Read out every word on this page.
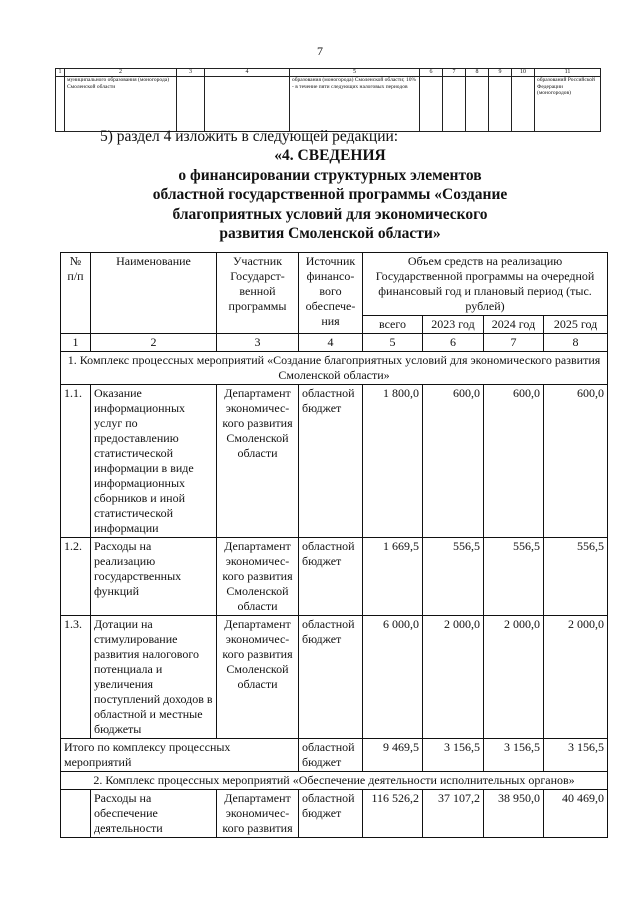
7
1	2	3	4	5	6	7	8	9	10	11
	муниципального образования (моногорода) Смоленской области			образования (моногорода) Смоленской области; 10% - в течение пяти следующих налоговых периодов						образований Российской Федерации (моногородов)
5) раздел 4 изложить в следующей редакции:
«4. СВЕДЕНИЯ
о финансировании структурных элементов
областной государственной программы «Создание
благоприятных условий для экономического
развития Смоленской области»
№ п/п	Наименование	Участник Государст-венной программы	Источник финансо-вого обеспече-ния	Объем средств на реализацию Государственной программы на очередной финансовый год и плановый период (тыс. рублей)			
				всего	2023 год	2024 год	2025 год
1	2	3	4	5	6	7	8
1. Комплекс процессных мероприятий «Создание благоприятных условий для экономического развития Смоленской области»							
1.1.	Оказание информационных услуг по предоставлению статистической информации в виде информационных сборников и иной статистической информации	Департамент экономичес-кого развития Смоленской области	областной бюджет	1 800,0	600,0	600,0	600,0
1.2.	Расходы на реализацию государственных функций	Департамент экономичес-кого развития Смоленской области	областной бюджет	1 669,5	556,5	556,5	556,5
1.3.	Дотации на стимулирование развития налогового потенциала и увеличения поступлений доходов в областной и местные бюджеты	Департамент экономичес-кого развития Смоленской области	областной бюджет	6 000,0	2 000,0	2 000,0	2 000,0
Итого по комплексу процессных мероприятий			областной бюджет	9 469,5	3 156,5	3 156,5	3 156,5
2. Комплекс процессных мероприятий «Обеспечение деятельности исполнительных органов»							
	Расходы на обеспечение деятельности	Департамент экономичес-кого развития	областной бюджет	116 526,2	37 107,2	38 950,0	40 469,0
